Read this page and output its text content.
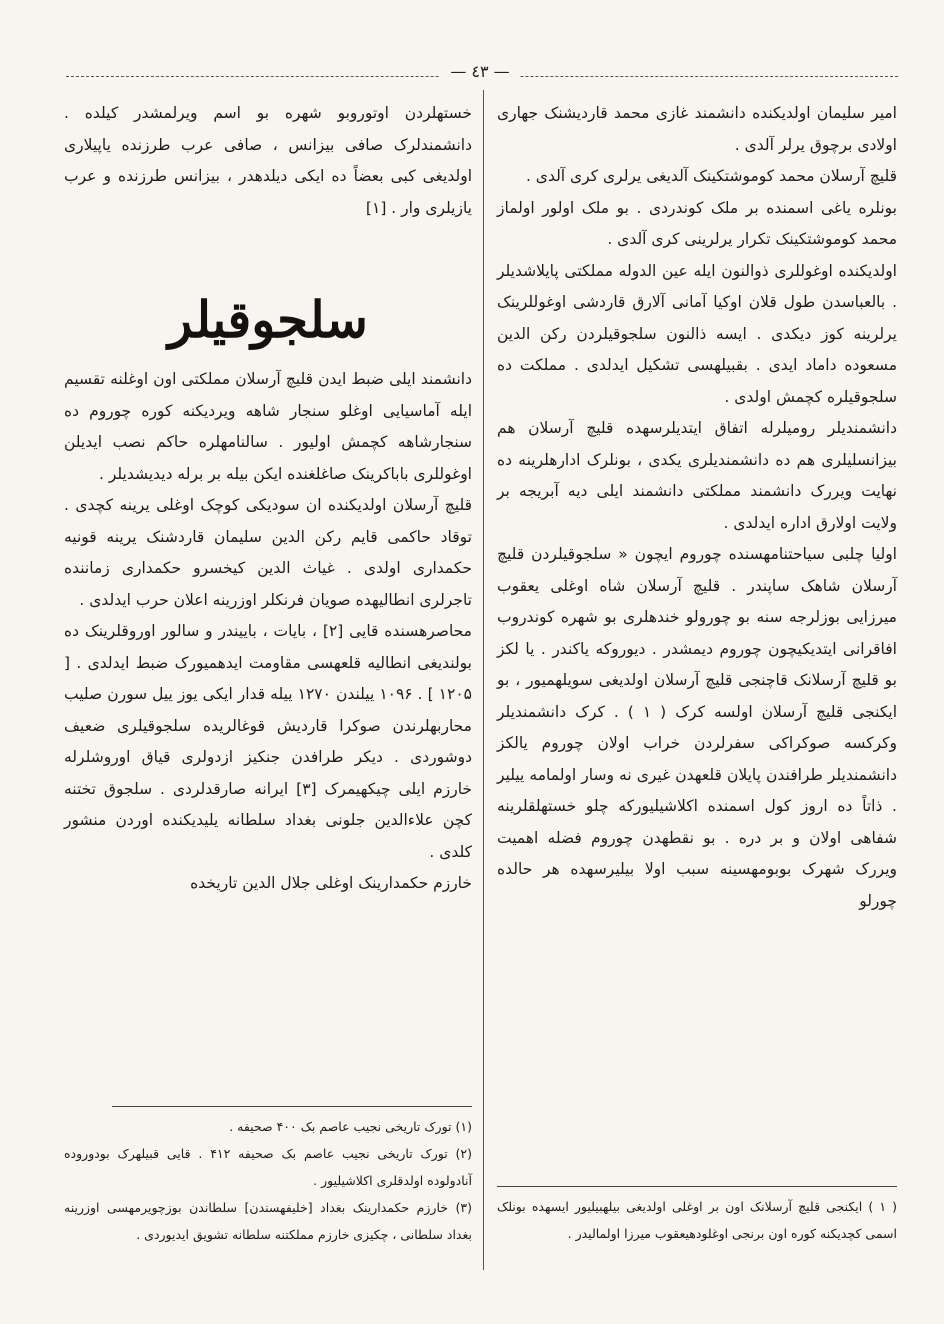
— ٤٣ —

امیر سلیمان اولدیکنده دانشمند غازی محمد قاردیشنک جهاری اولادی برچوق یرلر آلدی .

قلیچ آرسلان محمد کوموشتکینک آلدیغی یرلری کری آلدی .

بونلره یاغی اسمنده بر ملک کوندردی . بو ملک اولور اولماز محمد کوموشتکینک تکرار یرلرینی کری آلدی .

اولدیکنده اوغوللری ذوالنون ایله عین الدوله مملکتی پایلاشدیلر . بالعباسدن طول قلان اوکیا آمانی آلارق قاردشی اوغوللرینک یرلرینه کوز دیکدی . ایسه ذالنون سلجوقیلردن رکن الدین مسعوده داماد ایدی . بقبیلهسی تشکیل ایدلدی . مملکت ده سلجوقیلره کچمش اولدی .

دانشمندیلر رومیلرله اتفاق ایتدیلرسهده قلیچ آرسلان هم بیزانسلیلری هم ده دانشمندیلری یکدی ، بونلرک ادارهلرینه ده نهایت ویررک دانشمند مملکتی دانشمند ایلی دیه آبریجه بر ولایت اولارق اداره ایدلدی .

اولیا چلبی سیاحتنامهسنده چوروم ایچون « سلجوقیلردن قلیچ آرسلان شاهک ساپندر . قلیچ آرسلان شاه اوغلی یعقوب میرزایی بوزلرجه سنه بو چورولو خندهلری بو شهره کوندروب افاقرانی ایتدیکیچون چوروم دیمشدر . دیوروکه یاکندر . یا لکز بو قلیچ آرسلانک قاچنجی قلیچ آرسلان اولدیغی سویلهمیور ، بو ایکنجی قلیچ آرسلان اولسه کرک ( ۱ ) . کرک دانشمندیلر وکرکسه صوکراکی سفرلردن خراب اولان چوروم یالکز دانشمندیلر طرافندن پایلان قلعهدن غیری نه وسار اولمامه ییلیر . ذاتاً ده اروز کول اسمنده اکلاشیلیورکه چلو خستهلقلرینه شفاهی اولان و بر دره . بو نقطهدن چوروم فضله اهمیت ویررک شهرک بوبومهسینه سبب اولا بیلیرسهده هر حالده چورلو

( ۱ ) ایکنجی قلیچ آرسلانک اون بر اوغلی اولدیغی بیلهبیلیور ایسهده بونلک اسمی کچدیکنه کوره اون برنجی اوغلودهیعقوب میرزا اولمالیدر .

خستهلردن اوتوروبو شهره بو اسم ویرلمشدر کیلده . دانشمندلرک صافی بیزانس ، صافی عرب طرزنده یاپیلاری اولدیغی کبی بعضاً ده ایکی دیلدهدر ، بیزانس طرزنده و عرب یازیلری وار . [۱]

سلجوقیلر

دانشمند ایلی ضبط ایدن قلیچ آرسلان مملکتی اون اوغلنه تقسیم ایله آماسیایی اوغلو سنجار شاهه ویردیکنه کوره چوروم ده سنجارشاهه کچمش اولیور . سالنامهلره حاکم نصب ایدیلن اوغوللری باباکرینک صاغلغنده ایکن بیله بر برله دیدیشدیلر .

قلیچ آرسلان اولدیکنده ان سودیکی کوچک اوغلی یرینه کچدی . توقاد حاکمی قایم رکن الدین سلیمان قاردشنک یرینه قونیه حکمداری اولدی . غیاث الدین کیخسرو حکمداری زماننده تاجرلری انطالیهده صویان فرنکلر اوزرینه اعلان حرب ایدلدی .

محاصرهسنده قایی [۲] ، بایات ، باییندر و سالور اوروقلرینک ده بولندیغی انطالیه قلعهسی مقاومت ایدهمیورک ضبط ایدلدی . [ ۱۲۰۵ ] . ۱۰۹۶ ییلندن ۱۲۷۰ ییله قدار ایکی یوز ییل سورن صلیب محاربهلرندن صوکرا قاردیش قوغالریده سلجوقیلری ضعیف دوشوردی . دیکر طرافدن جنکیز ازدولری قیاق اوروشلرله خارزم ایلی چیکهیمرک [۳] ایرانه صارقدلردی . سلجوق تختنه کچن علاءالدین جلونی بغداد سلطانه یلیدیکنده اوردن منشور کلدی .

خارزم حکمدارینک اوغلی جلال الدین تاریخده

(۱) تورک تاریخی نجیب عاصم بک ۴۰۰ صحیفه .

(۲) تورک تاریخی نجیب عاصم بک صحیفه ۴۱۲ . قایی قبیلهرک بودوروده آنادولوده اولدقلری اکلاشیلیور .

(۳) خارزم حکمدارینک بغداد [خلیفهسندن] سلطاندن بوزچویرمهسی اوزرینه بغداد سلطانی ، چکیزی خارزم مملکتنه سلطانه تشویق ایدیوردی .
